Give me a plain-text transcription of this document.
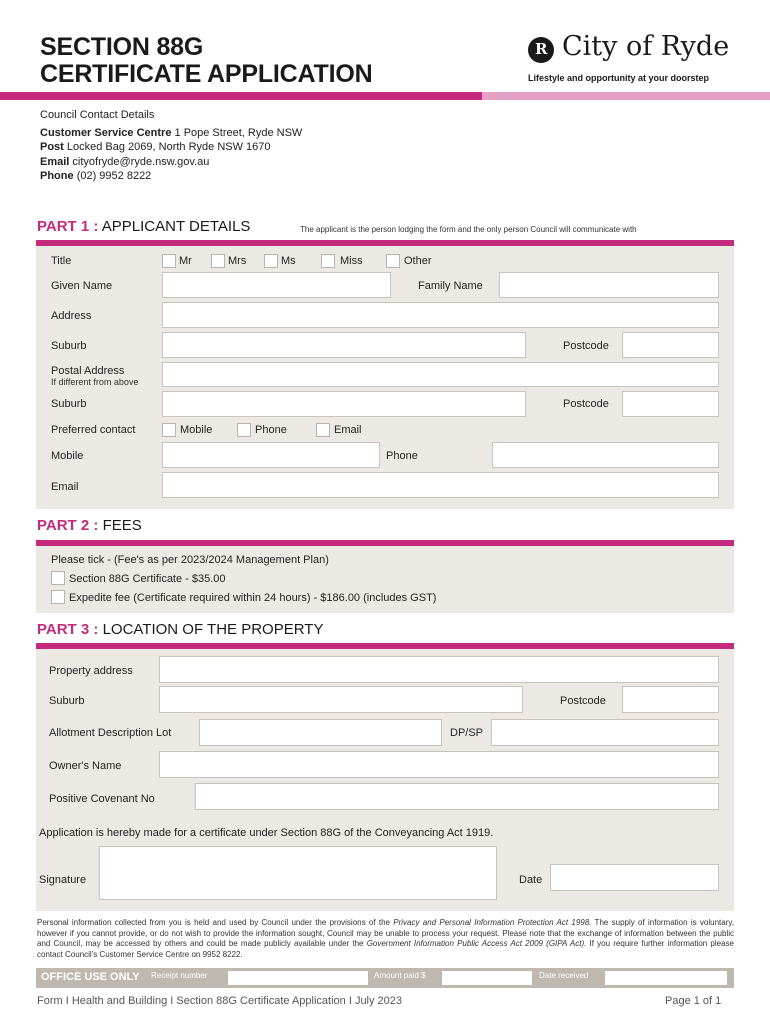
SECTION 88G
CERTIFICATE APPLICATION
R City of Ryde
Lifestyle and opportunity at your doorstep
Council Contact Details
Customer Service Centre 1 Pope Street, Ryde NSW
Post Locked Bag 2069, North Ryde NSW 1670
Email cityofryde@ryde.nsw.gov.au
Phone (02) 9952 8222
PART 1 : APPLICANT DETAILS	The applicant is the person lodging the form and the only person Council will communicate with
Title	Mr	Mrs	Ms	Miss	Other
Given Name	Family Name
Address
Suburb	Postcode
Postal Address
If different from above
Suburb	Postcode
Preferred contact	Mobile	Phone	Email
Mobile	Phone
Email
PART 2 : FEES
Please tick - (Fee's as per 2023/2024 Management Plan)
Section 88G Certificate - $35.00
Expedite fee (Certificate required within 24 hours) - $186.00 (includes GST)
PART 3 : LOCATION OF THE PROPERTY
Property address
Suburb	Postcode
Allotment Description Lot	DP/SP
Owner's Name
Positive Covenant No
Application is hereby made for a certificate under Section 88G of the Conveyancing Act 1919.
Signature	Date
Personal information collected from you is held and used by Council under the provisions of the Privacy and Personal Information Protection Act 1998. The supply of information is voluntary, however if you cannot provide, or do not wish to provide the information sought, Council may be unable to process your request. Please note that the exchange of information between the public and Council, may be accessed by others and could be made publicly available under the Government Information Public Access Act 2009 (GIPA Act). If you require further information please contact Council's Customer Service Centre on 9952 8222.
OFFICE USE ONLY Receipt number	Amount paid $	Date received
Form I Health and Building I Section 88G Certificate Application I July 2023	Page 1 of 1
